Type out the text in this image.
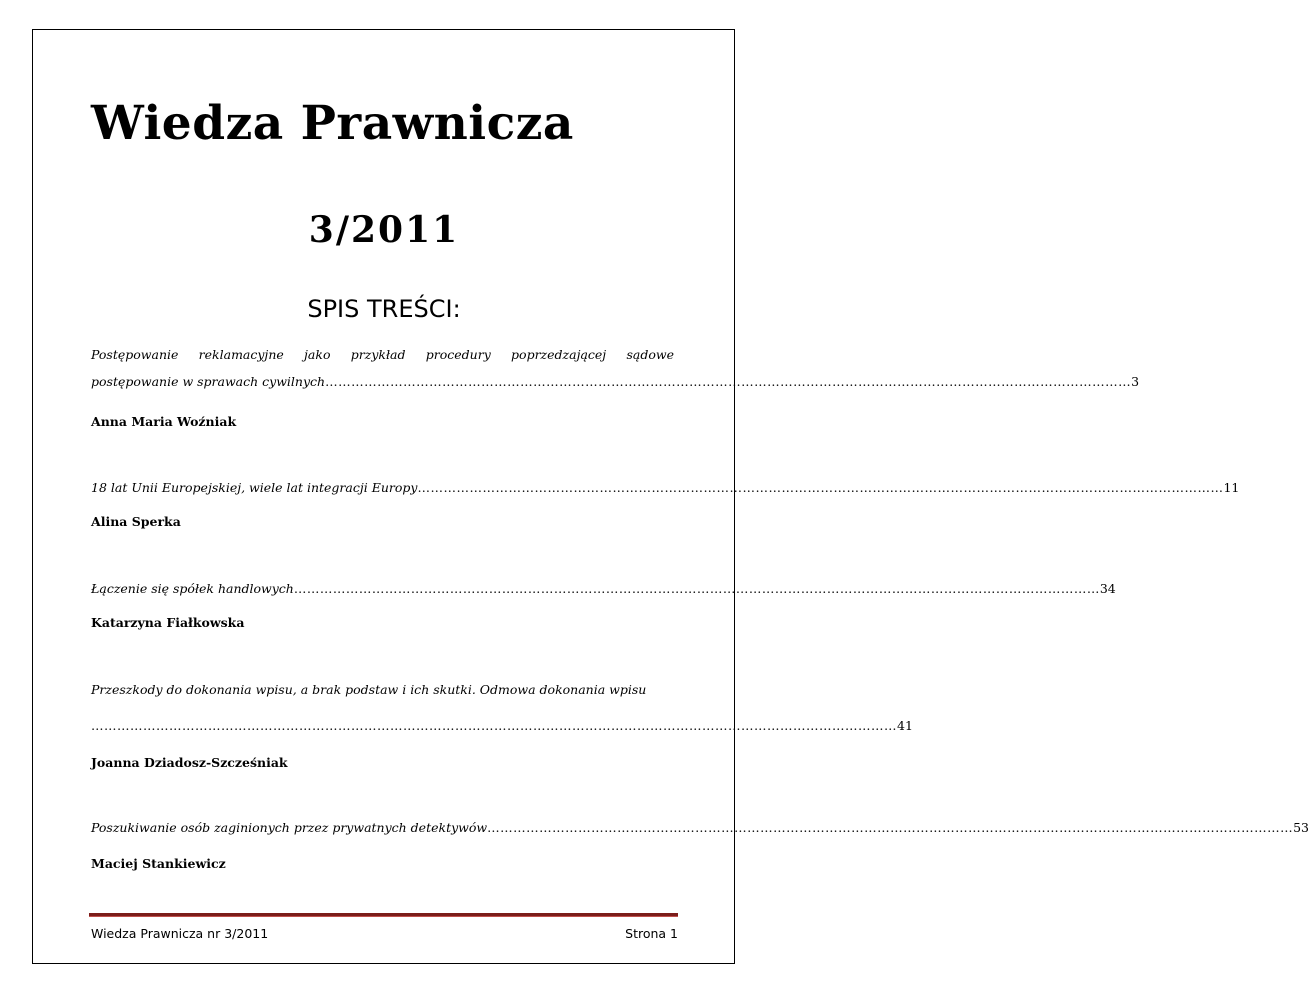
Wiedza Prawnicza
3/2011
SPIS TREŚCI:
Postępowanie reklamacyjne jako przykład procedury poprzedzającej sądowe
postępowanie w sprawach cywilnych …………………………………………………………………………………………………………………………………………………………………… 3
Anna Maria Woźniak
18 lat Unii Europejskiej, wiele lat integracji Europy …………………………………………………………………………………………………………………………………………………………………… 11
Alina Sperka
Łączenie się spółek handlowych …………………………………………………………………………………………………………………………………………………………………… 34
Katarzyna Fiałkowska
Przeszkody do dokonania wpisu, a brak podstaw i ich skutki. Odmowa dokonania wpisu
…………………………………………………………………………………………………………………………………………………………………… 41
Joanna Dziadosz-Szcześniak
Poszukiwanie osób zaginionych przez prywatnych detektywów …………………………………………………………………………………………………………………………………………………………………… 53
Maciej Stankiewicz
Wiedza Prawnicza nr 3/2011	Strona 1
